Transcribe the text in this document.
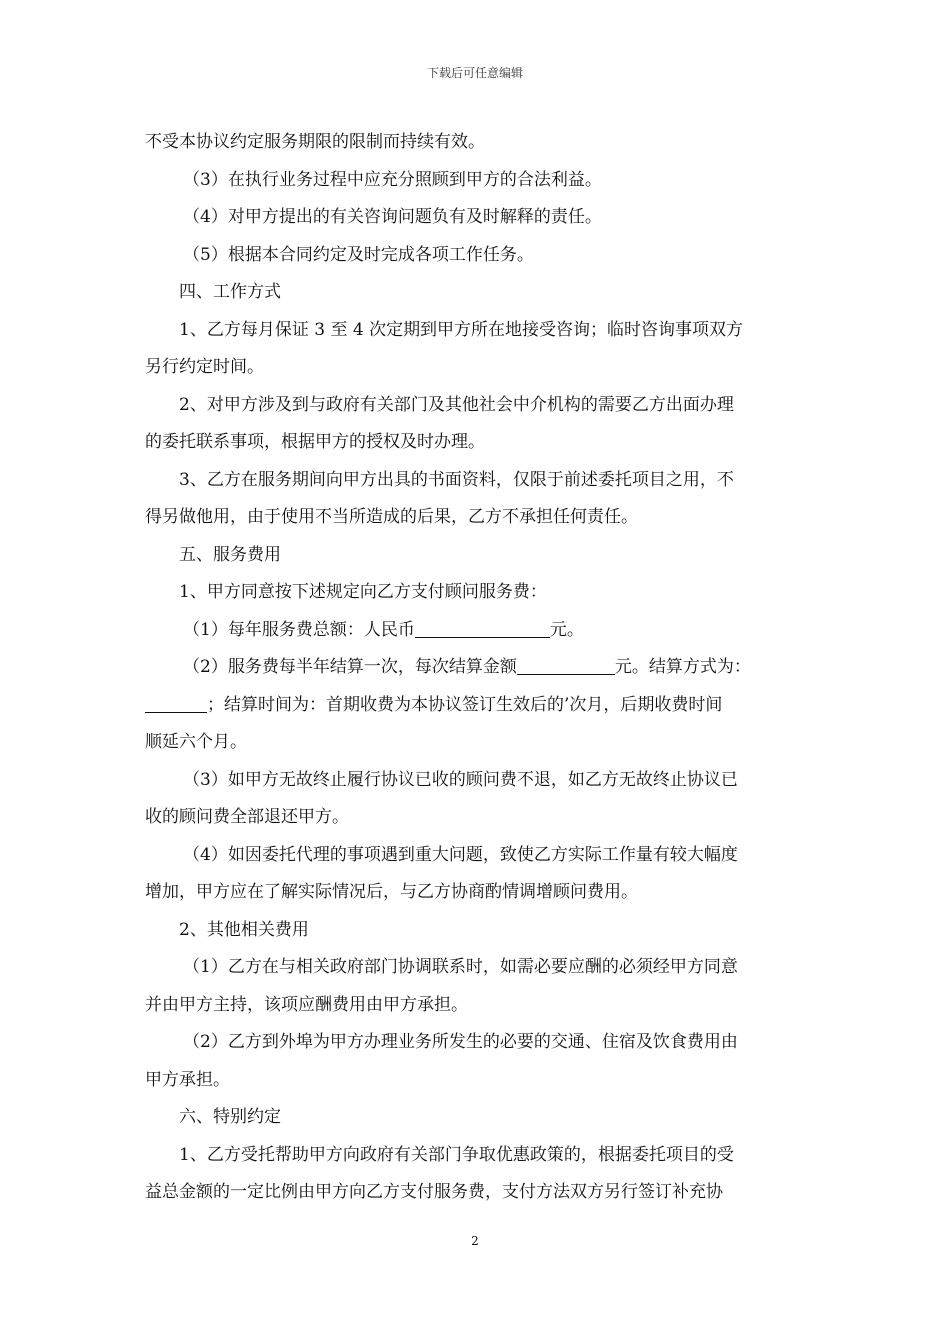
下载后可任意编辑
不受本协议约定服务期限的限制而持续有效。
（3）在执行业务过程中应充分照顾到甲方的合法利益。
（4）对甲方提出的有关咨询问题负有及时解释的责任。
（5）根据本合同约定及时完成各项工作任务。
四、工作方式
1、乙方每月保证 3 至 4 次定期到甲方所在地接受咨询；临时咨询事项双方
另行约定时间。
2、对甲方涉及到与政府有关部门及其他社会中介机构的需要乙方出面办理
的委托联系事项，根据甲方的授权及时办理。
3、乙方在服务期间向甲方出具的书面资料，仅限于前述委托项目之用，不
得另做他用，由于使用不当所造成的后果，乙方不承担任何责任。
五、服务费用
1、甲方同意按下述规定向乙方支付顾问服务费：
（1）每年服务费总额：人民币	元。
（2）服务费每半年结算一次，每次结算金额	元。结算方式为：
；结算时间为：首期收费为本协议签订生效后的’次月，后期收费时间
顺延六个月。
（3）如甲方无故终止履行协议已收的顾问费不退，如乙方无故终止协议已
收的顾问费全部退还甲方。
（4）如因委托代理的事项遇到重大问题，致使乙方实际工作量有较大幅度
增加，甲方应在了解实际情况后，与乙方协商酌情调增顾问费用。
2、其他相关费用
（1）乙方在与相关政府部门协调联系时，如需必要应酬的必须经甲方同意
并由甲方主持，该项应酬费用由甲方承担。
（2）乙方到外埠为甲方办理业务所发生的必要的交通、住宿及饮食费用由
甲方承担。
六、特别约定
1、乙方受托帮助甲方向政府有关部门争取优惠政策的，根据委托项目的受
益总金额的一定比例由甲方向乙方支付服务费，支付方法双方另行签订补充协
2
